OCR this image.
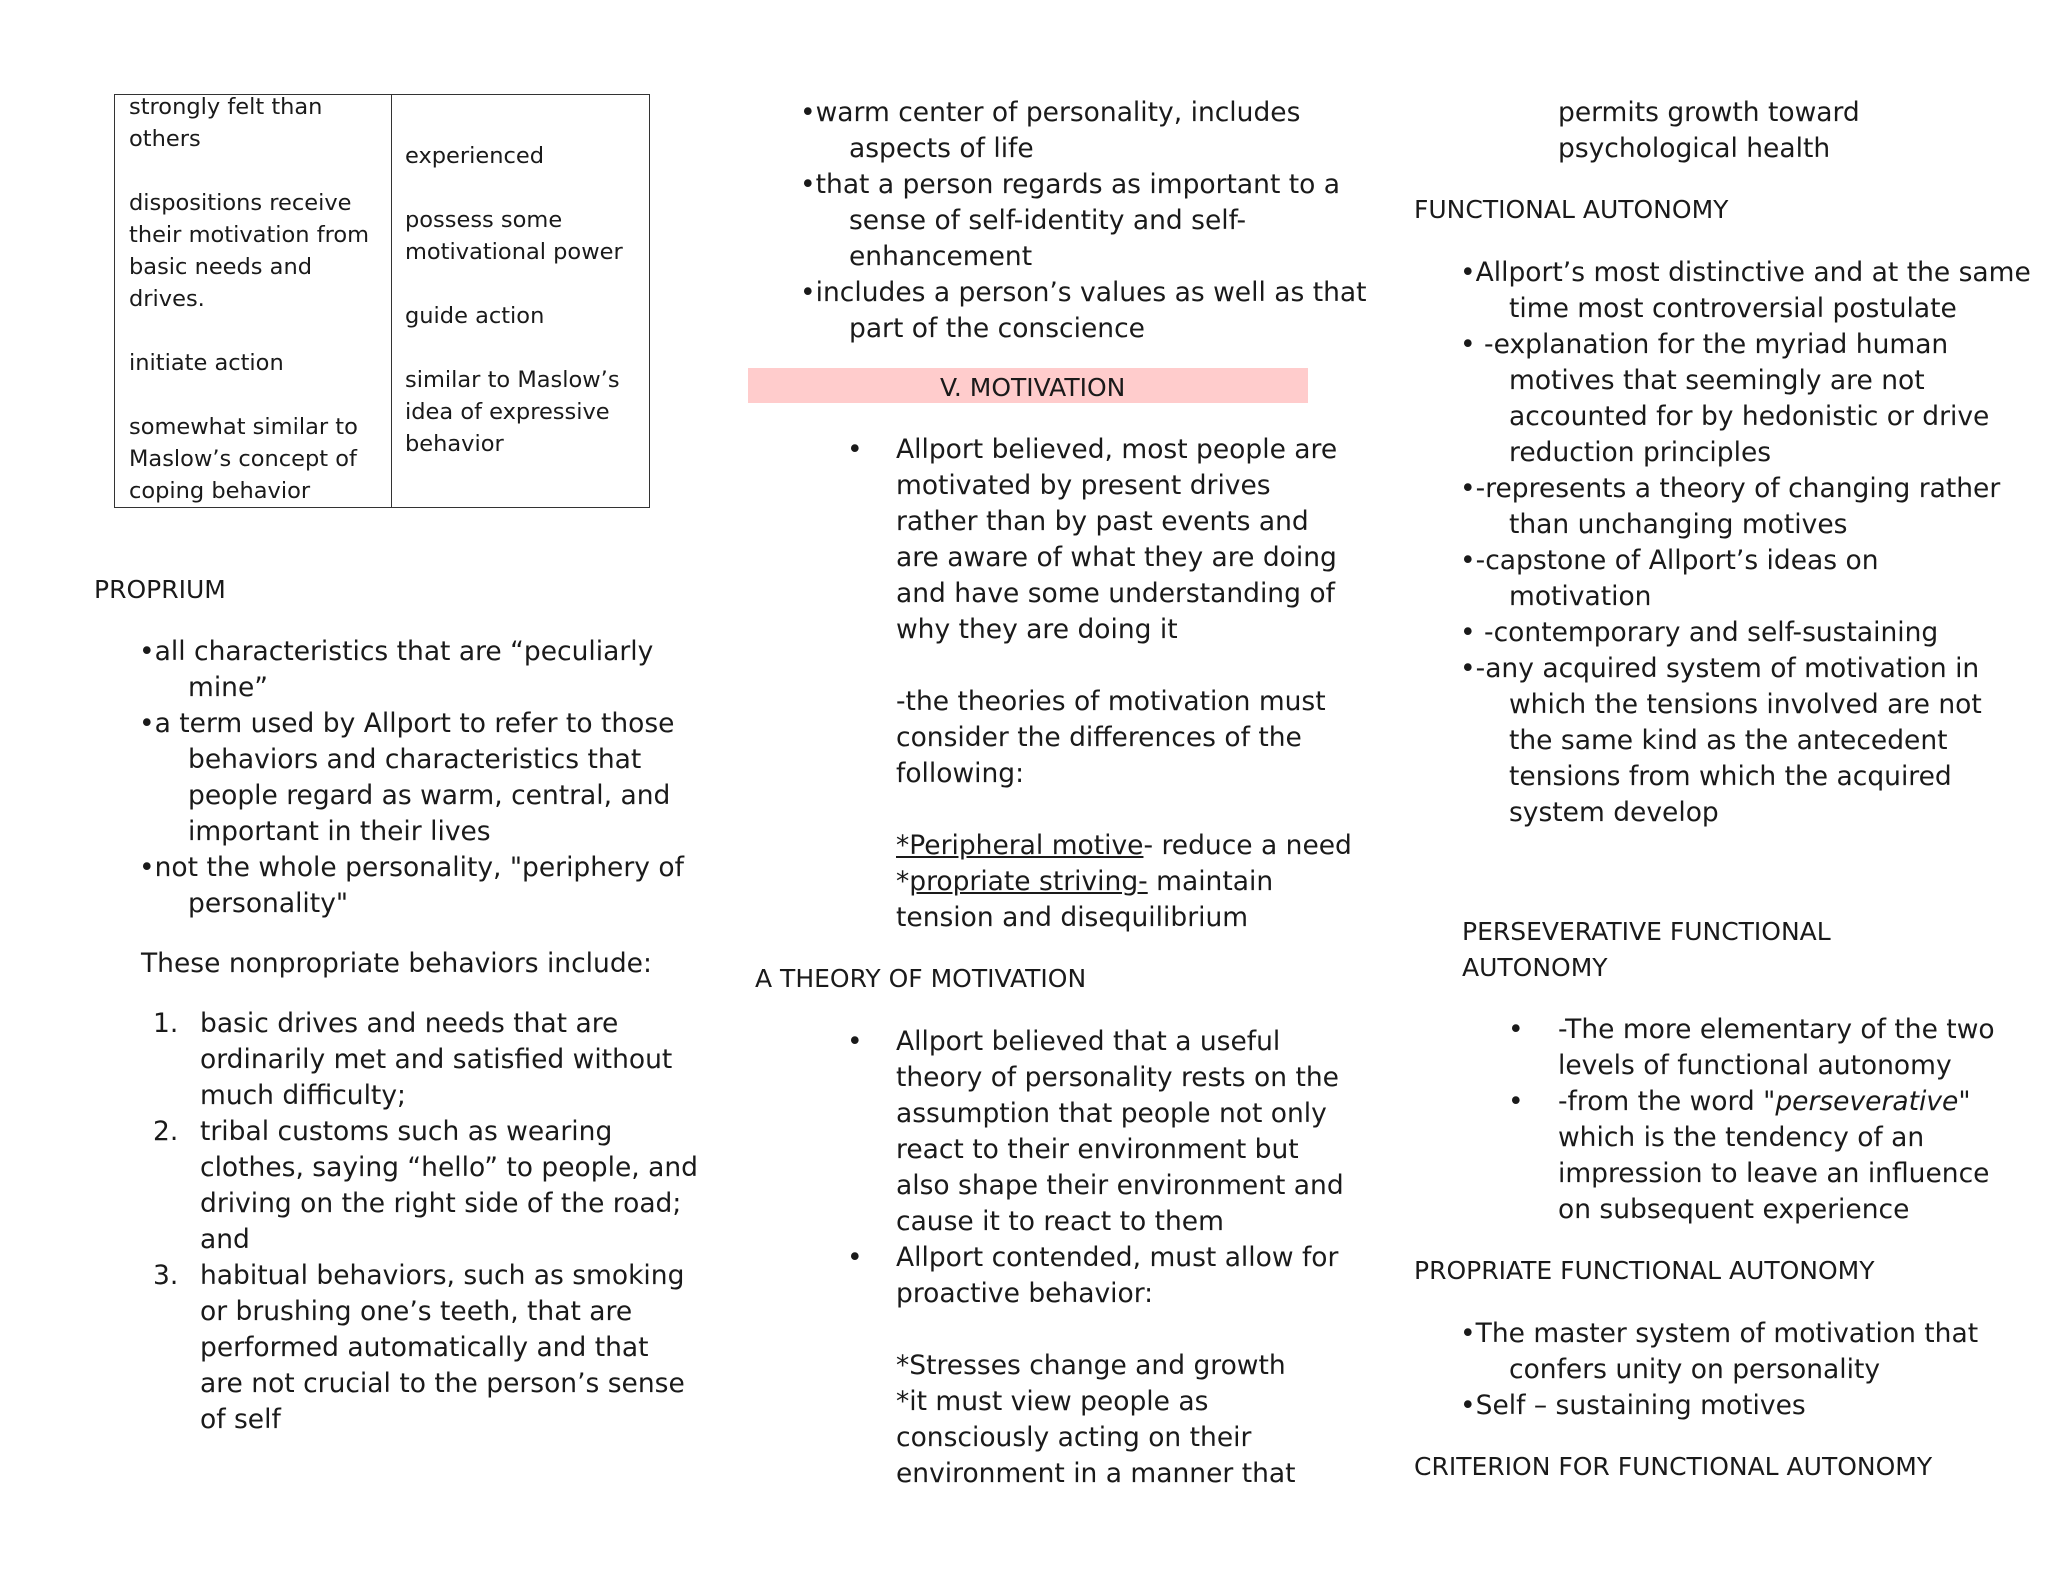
strongly felt than
others
dispositions receive
their motivation from
basic needs and
drives.
initiate action
somewhat similar to
Maslow’s concept of
coping behavior
experienced
possess some
motivational power
guide action
similar to Maslow’s
idea of expressive
behavior
PROPRIUM
•all characteristics that are “peculiarly
mine”
•a term used by Allport to refer to those
behaviors and characteristics that
people regard as warm, central, and
important in their lives
•not the whole personality, "periphery of
personality"
These nonpropriate behaviors include:
1. basic drives and needs that are
ordinarily met and satisfied without
much difficulty;
2. tribal customs such as wearing
clothes, saying “hello” to people, and
driving on the right side of the road;
and
3. habitual behaviors, such as smoking
or brushing one’s teeth, that are
performed automatically and that
are not crucial to the person’s sense
of self
•warm center of personality, includes
aspects of life
•that a person regards as important to a
sense of self-identity and self-
enhancement
•includes a person’s values as well as that
part of the conscience
V. MOTIVATION
• Allport believed, most people are
motivated by present drives
rather than by past events and
are aware of what they are doing
and have some understanding of
why they are doing it
-the theories of motivation must
consider the differences of the
following:
*Peripheral motive- reduce a need
*propriate striving- maintain
tension and disequilibrium
A THEORY OF MOTIVATION
• Allport believed that a useful
theory of personality rests on the
assumption that people not only
react to their environment but
also shape their environment and
cause it to react to them
• Allport contended, must allow for
proactive behavior:
*Stresses change and growth
*it must view people as
consciously acting on their
environment in a manner that
permits growth toward
psychological health
FUNCTIONAL AUTONOMY
•Allport’s most distinctive and at the same
time most controversial postulate
• -explanation for the myriad human
motives that seemingly are not
accounted for by hedonistic or drive
reduction principles
•-represents a theory of changing rather
than unchanging motives
•-capstone of Allport’s ideas on
motivation
• -contemporary and self-sustaining
•-any acquired system of motivation in
which the tensions involved are not
the same kind as the antecedent
tensions from which the acquired
system develop
PERSEVERATIVE FUNCTIONAL
AUTONOMY
• -The more elementary of the two
levels of functional autonomy
• -from the word "perseverative"
which is the tendency of an
impression to leave an influence
on subsequent experience
PROPRIATE FUNCTIONAL AUTONOMY
•The master system of motivation that
confers unity on personality
•Self – sustaining motives
CRITERION FOR FUNCTIONAL AUTONOMY
